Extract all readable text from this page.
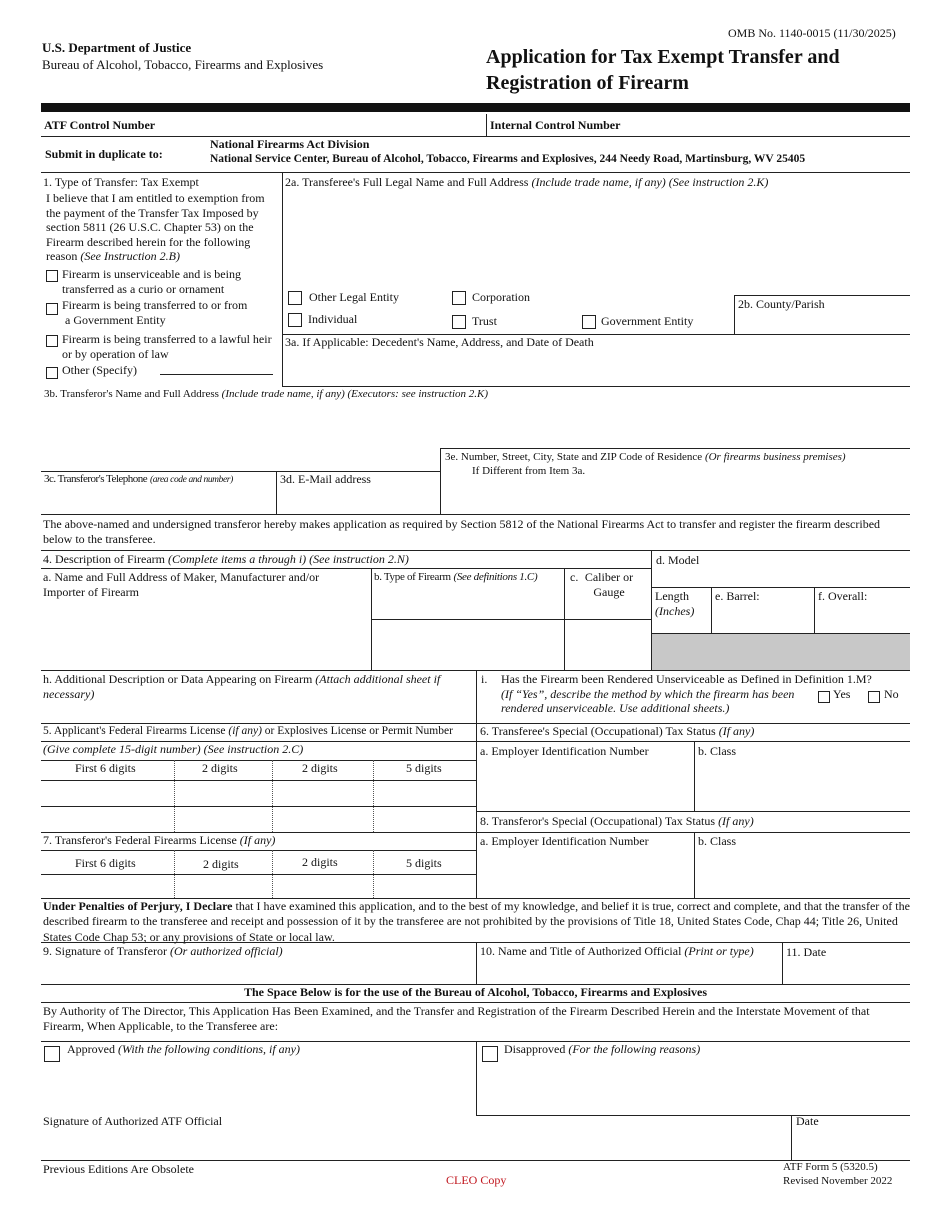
OMB No. 1140-0015 (11/30/2025)
U.S. Department of Justice
Bureau of Alcohol, Tobacco, Firearms and Explosives	Application for Tax Exempt Transfer and
Registration of Firearm
ATF Control Number	Internal Control Number
Submit in duplicate to:
National Firearms Act Division
National Service Center, Bureau of Alcohol, Tobacco, Firearms and Explosives, 244 Needy Road, Martinsburg, WV 25405
1. Type of Transfer: Tax Exempt
I believe that I am entitled to exemption from the payment of the Transfer Tax Imposed by section 5811 (26 U.S.C. Chapter 53) on the Firearm described herein for the following reason (See Instruction 2.B)
Firearm is unserviceable and is being transferred as a curio or ornament
Firearm is being transferred to or from
a Government Entity
Firearm is being transferred to a lawful heir or by operation of law
Other (Specify)
2a. Transferee's Full Legal Name and Full Address (Include trade name, if any) (See instruction 2.K)
Other Legal Entity	Corporation
Individual	Trust	Government Entity
2b. County/Parish
3a. If Applicable: Decedent's Name, Address, and Date of Death
3b. Transferor's Name and Full Address (Include trade name, if any) (Executors: see instruction 2.K)
3e. Number, Street, City, State and ZIP Code of Residence (Or firearms business premises)
If Different from Item 3a.
3c. Transferor's Telephone (area code and number)	3d. E-Mail address
The above-named and undersigned transferor hereby makes application as required by Section 5812 of the National Firearms Act to transfer and register the firearm described below to the transferee.
4. Description of Firearm (Complete items a through i) (See instruction 2.N)	d. Model
a. Name and Full Address of Maker, Manufacturer and/or Importer of Firearm
b. Type of Firearm (See definitions 1.C)	c. Caliber or Gauge	Length
(Inches)
e. Barrel:	f. Overall:
h. Additional Description or Data Appearing on Firearm (Attach additional sheet if necessary)
i. Has the Firearm been Rendered Unserviceable as Defined in Definition 1.M?
(If “Yes”, describe the method by which the firearm has been
rendered unserviceable. Use additional sheets.)
Yes	No
5. Applicant's Federal Firearms License (if any) or Explosives License or Permit Number
(Give complete 15-digit number) (See instruction 2.C)
First 6 digits	2 digits	2 digits	5 digits
6. Transferee's Special (Occupational) Tax Status (If any)
a. Employer Identification Number	b. Class
7. Transferor's Federal Firearms License (If any)
First 6 digits	2 digits	2 digits	5 digits
8. Transferor's Special (Occupational) Tax Status (If any)
a. Employer Identification Number	b. Class
Under Penalties of Perjury, I Declare that I have examined this application, and to the best of my knowledge, and belief it is true, correct and complete, and that the transfer of the described firearm to the transferee and receipt and possession of it by the transferee are not prohibited by the provisions of Title 18, United States Code, Chap 44; Title 26, United States Code Chap 53; or any provisions of State or local law.
9. Signature of Transferor (Or authorized official)	10. Name and Title of Authorized Official (Print or type)	11. Date
The Space Below is for the use of the Bureau of Alcohol, Tobacco, Firearms and Explosives
By Authority of The Director, This Application Has Been Examined, and the Transfer and Registration of the Firearm Described Herein and the Interstate Movement of that Firearm, When Applicable, to the Transferee are:
Approved (With the following conditions, if any)	Disapproved (For the following reasons)
Signature of Authorized ATF Official	Date
Previous Editions Are Obsolete
CLEO Copy
ATF Form 5 (5320.5)
Revised November 2022
